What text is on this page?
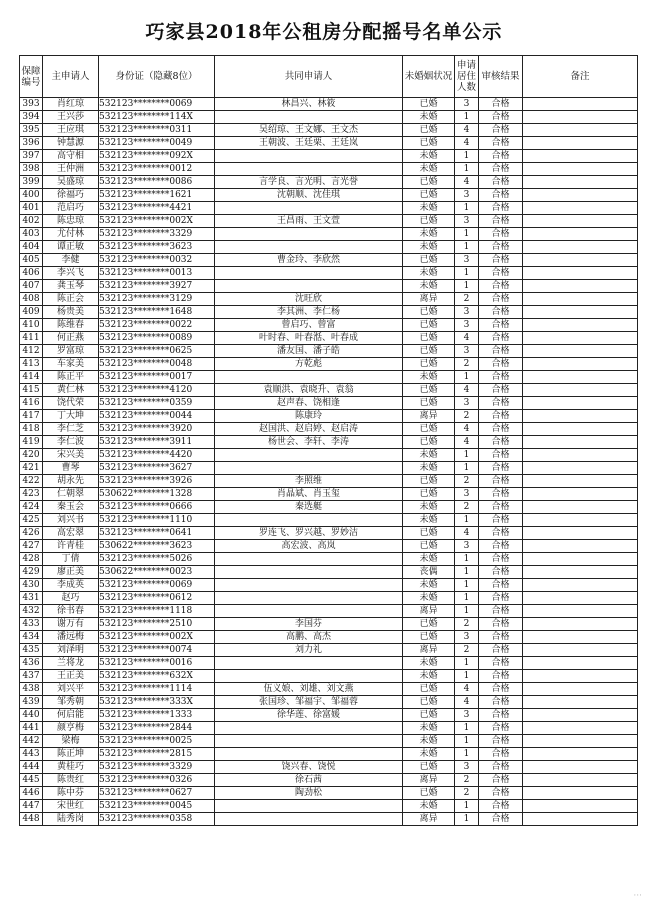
巧家县2018年公租房分配摇号名单公示
保障编号	主申请人	身份证（隐藏8位）	共同申请人	未婚姻状况	申请居住人数	审核结果	备注
393	肖红琼	532123********0069	林昌兴、林筱	已婚	3	合格	
394	王兴莎	532123********114X		未婚	1	合格	
395	王应琪	532123********0311	吴绍琼、王文娜、王文杰	已婚	4	合格	
396	钟慧源	532123********0049	王朝波、王廷栗、王廷岚	已婚	4	合格	
397	高守相	532123********092X		未婚	1	合格	
398	王仲洲	532123********0012		未婚	1	合格	
399	吴盛琼	532123********0086	言学良、言光明、言光誉	已婚	4	合格	
400	徐福巧	532123********1621	沈朝顺、沈佳琪	已婚	3	合格	
401	范启巧	532123********4421		未婚	1	合格	
402	陈忠琼	532123********002X	王昌雨、王文萱	已婚	3	合格	
403	尤付林	532123********3329		未婚	1	合格	
404	谭正敏	532123********3623		未婚	1	合格	
405	李健	532123********0032	曹金玲、李欣然	已婚	3	合格	
406	李兴飞	532123********0013		未婚	1	合格	
407	龚玉琴	532123********3927		未婚	1	合格	
408	陈正会	532123********3129	沈旺欣	离异	2	合格	
409	杨贵美	532123********1648	李其洲、李仁杨	已婚	3	合格	
410	陈维春	532123********0022	曾启巧、曾富	已婚	3	合格	
411	何正燕	532123********0089	叶时春、叶春湉、叶春成	已婚	4	合格	
412	罗富琼	532123********0625	潘友国、潘子皓	已婚	3	合格	
413	车家美	532123********0048	方乾彪	已婚	2	合格	
414	陈正平	532123********0017		未婚	1	合格	
415	黄仁林	532123********4120	袁顺洪、袁晓升、袁翁	已婚	4	合格	
416	饶代荣	532123********0359	赵声春、饶相逢	已婚	3	合格	
417	丁大坤	532123********0044	陈康玲	离异	2	合格	
418	李仁芝	532123********3920	赵国洪、赵启婷、赵启涛	已婚	4	合格	
419	李仁波	532123********3911	杨世会、李轩、李涛	已婚	4	合格	
420	宋兴美	532123********4420		未婚	1	合格	
421	曹琴	532123********3627		未婚	1	合格	
422	胡永先	532123********3926	李照维	已婚	2	合格	
423	仁朝翠	530622********1328	肖晶斌、肖玉玺	已婚	3	合格	
424	秦玉会	532123********0666	秦选艇	未婚	2	合格	
425	刘兴书	532123********1110		未婚	1	合格	
426	高宏翠	532123********0641	罗连飞、罗兴越、罗妙洁	已婚	4	合格	
427	许青桂	530622********3623	高宏波、高岚	已婚	3	合格	
428	丁倩	532123********5026		未婚	1	合格	
429	廖正美	530622********0023		丧偶	1	合格	
430	李成英	532123********0069		未婚	1	合格	
431	赵巧	532123********0612		未婚	1	合格	
432	徐书春	532123********1118		离异	1	合格	
433	谢万有	532123********2510	李国芬	已婚	2	合格	
434	潘远梅	532123********002X	高鹏、高杰	已婚	3	合格	
435	刘泽明	532123********0074	刘力礼	离异	2	合格	
436	兰将龙	532123********0016		未婚	1	合格	
437	王正美	532123********632X		未婚	1	合格	
438	刘兴平	532123********1114	伍义娘、刘雄、刘文燕	已婚	4	合格	
439	邹秀朝	532123********333X	张国珍、邹福宇、邹福蓉	已婚	4	合格	
440	何启能	532123********1333	徐华莲、徐富媛	已婚	3	合格	
441	颜亨梅	532123********2844		未婚	1	合格	
442	梁梅	532123********0025		未婚	1	合格	
443	陈正坤	532123********2815		未婚	1	合格	
444	黄桂巧	532123********3329	饶兴春、饶悦	已婚	3	合格	
445	陈贵红	532123********0326	徐石茜	离异	2	合格	
446	陈中芬	532123********0627	陶劲松	已婚	2	合格	
447	宋世红	532123********0045		未婚	1	合格	
448	陆秀岗	532123********0358		离异	1	合格	
···
